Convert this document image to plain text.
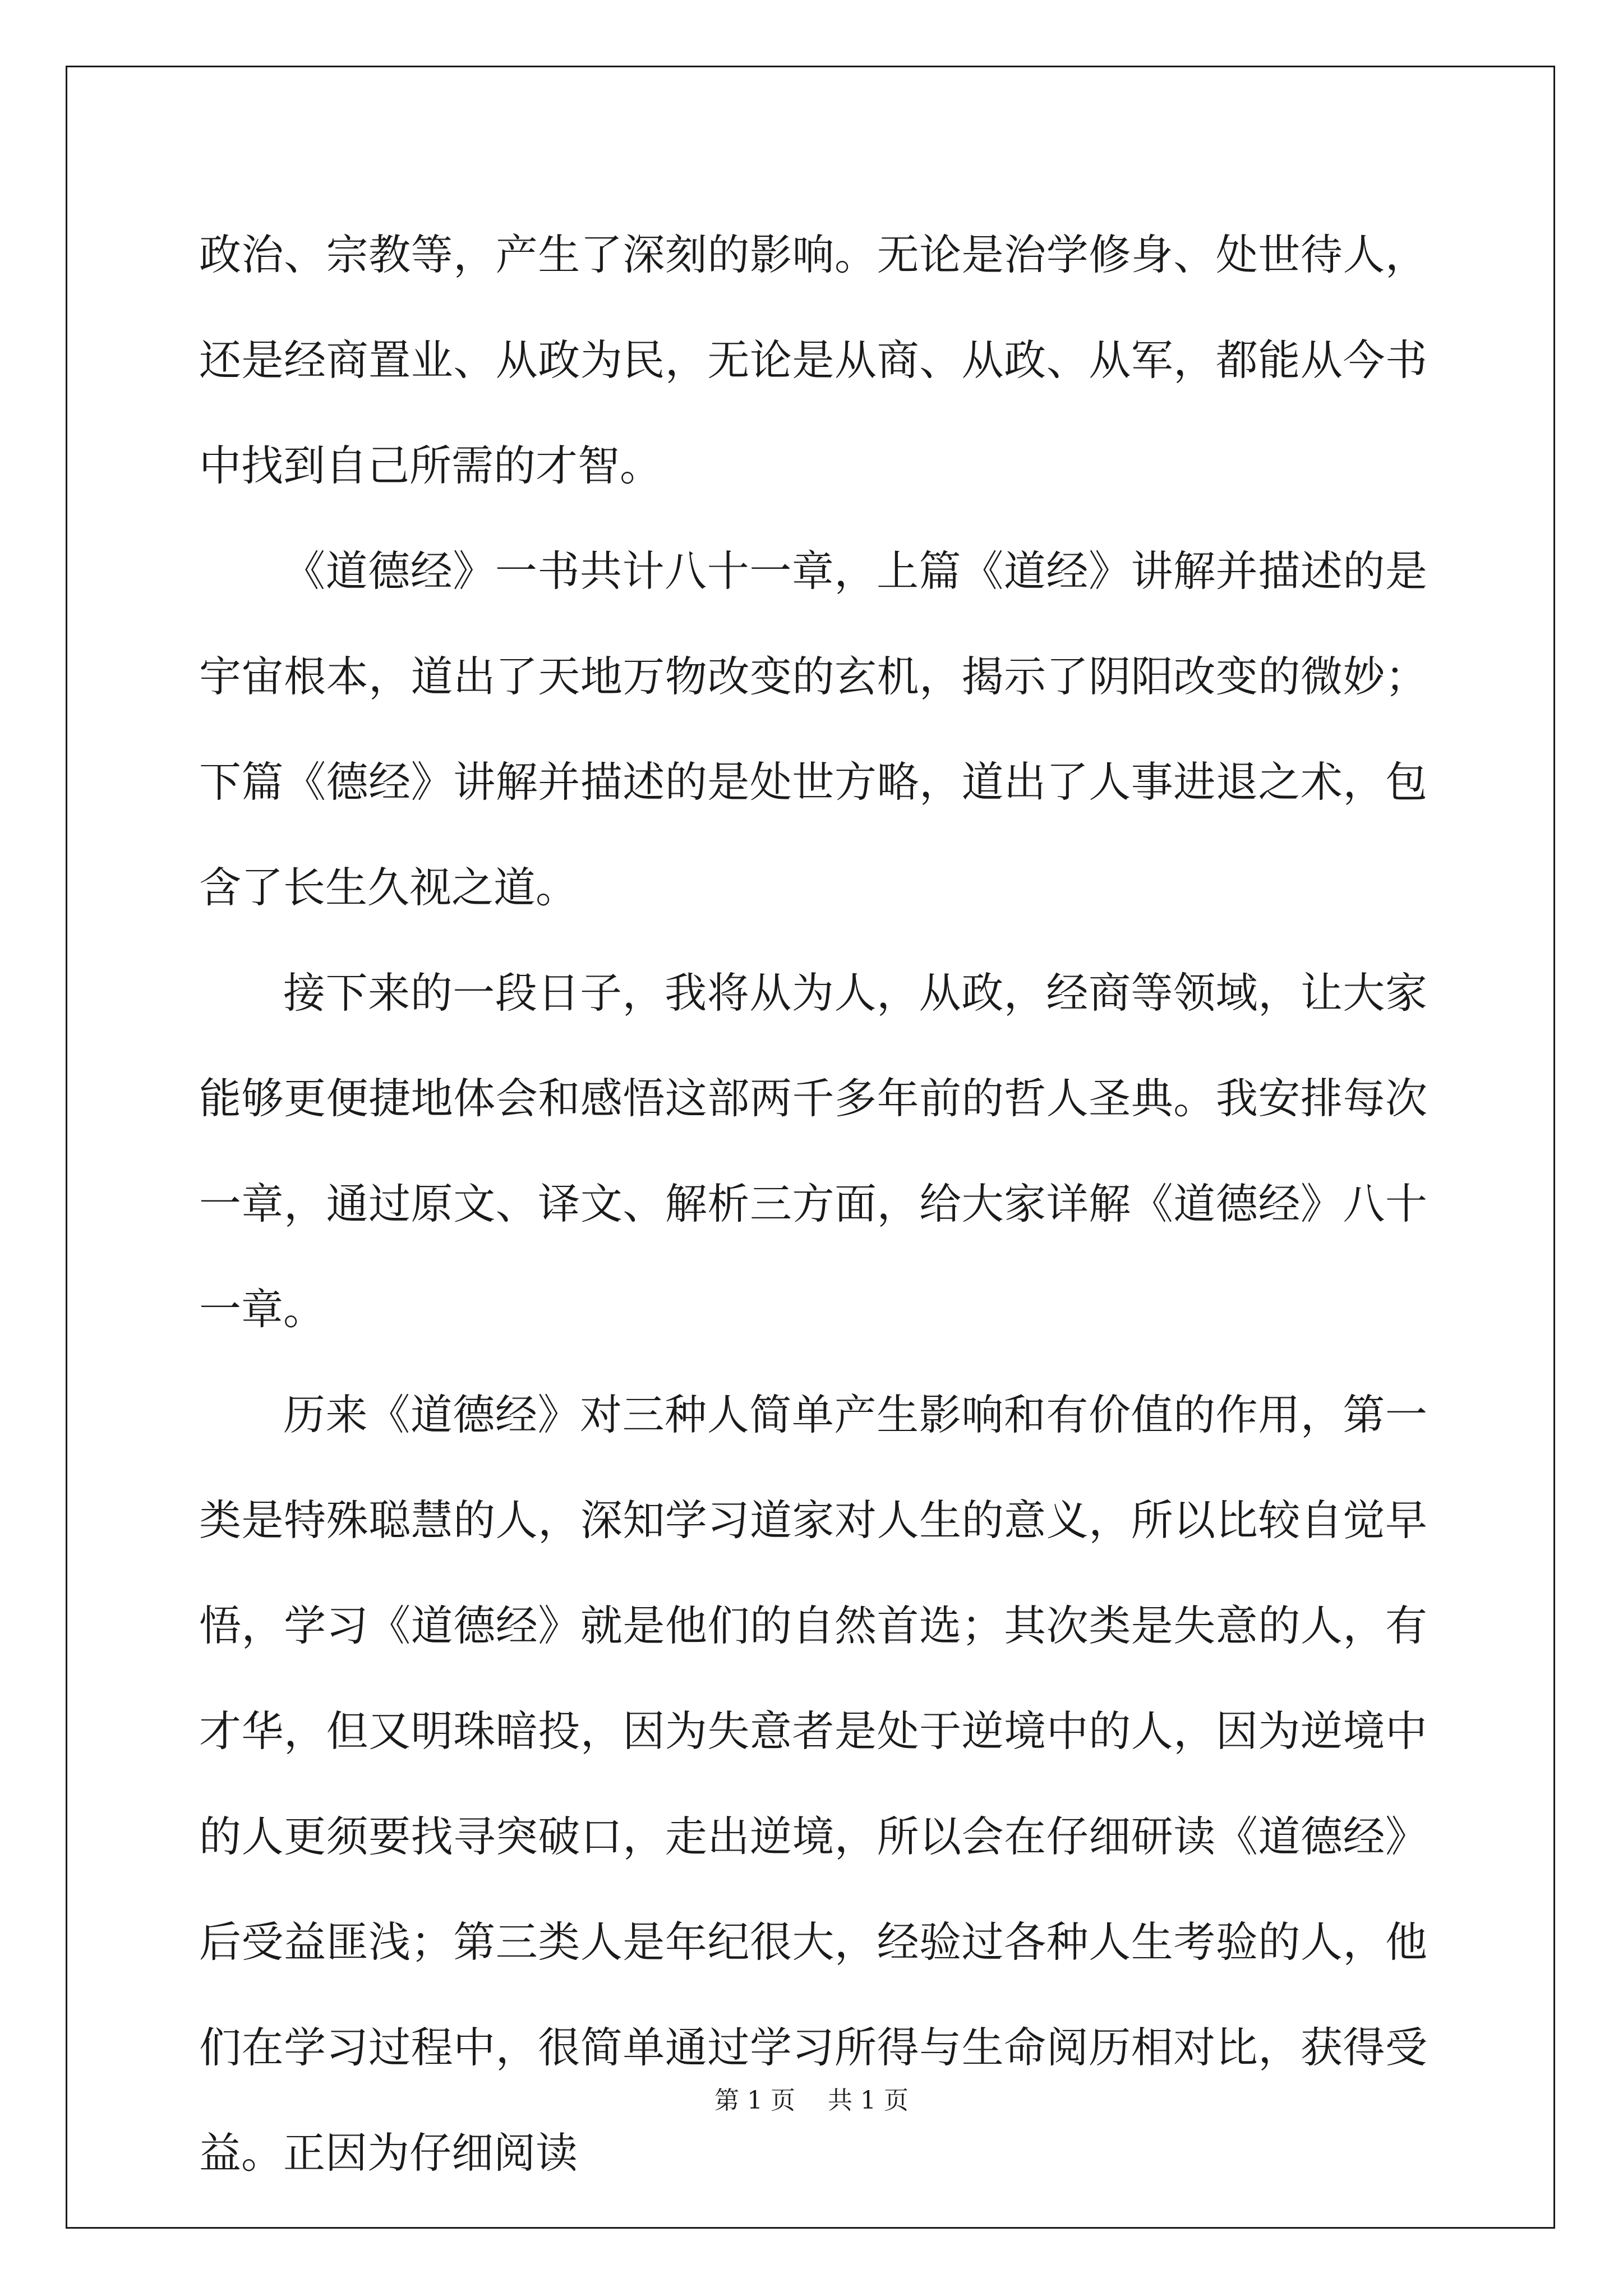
政治、宗教等，产生了深刻的影响。无论是治学修身、处世待人，还是经商置业、从政为民，无论是从商、从政、从军，都能从今书中找到自己所需的才智。

《道德经》一书共计八十一章，上篇《道经》讲解并描述的是宇宙根本，道出了天地万物改变的玄机，揭示了阴阳改变的微妙；下篇《德经》讲解并描述的是处世方略，道出了人事进退之术，包含了长生久视之道。

接下来的一段日子，我将从为人，从政，经商等领域，让大家能够更便捷地体会和感悟这部两千多年前的哲人圣典。我安排每次一章，通过原文、译文、解析三方面，给大家详解《道德经》八十一章。

历来《道德经》对三种人简单产生影响和有价值的作用，第一类是特殊聪慧的人，深知学习道家对人生的意义，所以比较自觉早悟，学习《道德经》就是他们的自然首选；其次类是失意的人，有才华，但又明珠暗投，因为失意者是处于逆境中的人，因为逆境中的人更须要找寻突破口，走出逆境，所以会在仔细研读《道德经》后受益匪浅；第三类人是年纪很大，经验过各种人生考验的人，他们在学习过程中，很简单通过学习所得与生命阅历相对比，获得受益。正因为仔细阅读

第 1 页 共 1 页
